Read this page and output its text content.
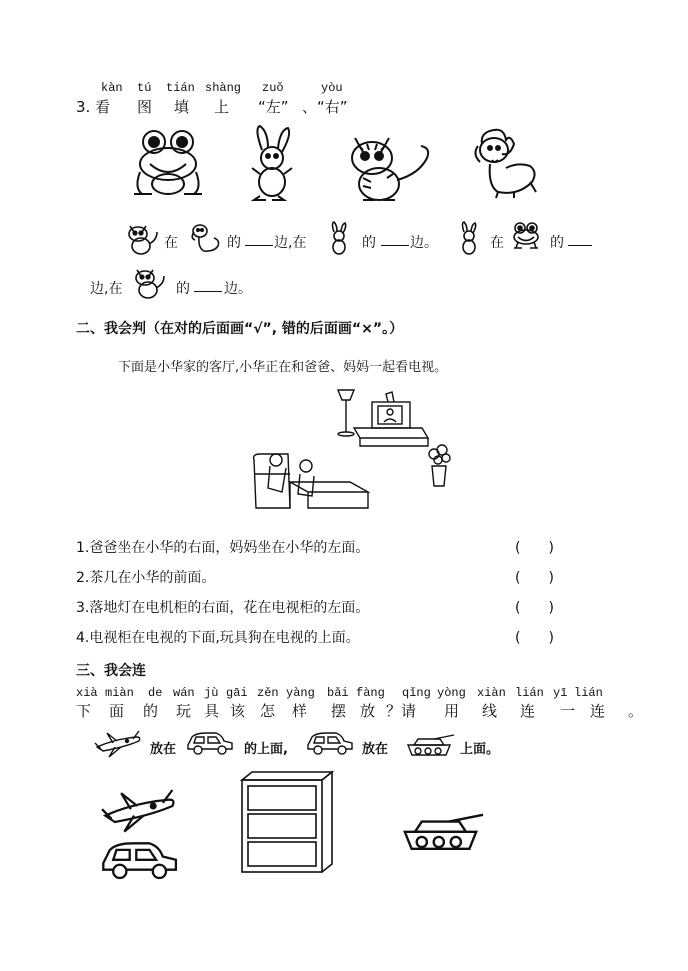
kàn tú tián shàng zuǒ	yòu
3. 看 图 填 上 “左” 、“右”
在	的 边,在	的 边。	在	的
边,在	的 边。
二、我会判（在对的后面画“√”, 错的后面画“×”。）
下面是小华家的客厅,小华正在和爸爸、妈妈一起看电视。
1.爸爸坐在小华的右面，妈妈坐在小华的左面。	(　　)
2.茶几在小华的前面。	(　　)
3.落地灯在电机柜的右面，花在电视柜的左面。	(　　)
4.电视柜在电视的下面,玩具狗在电视的上面。	(　　)
三、我会连
xià miàn de wán jù gāi zěn yàng bǎi fàng qǐng yòng xiàn lián yī lián
下 面 的 玩 具 该 怎 样 摆 放 ？请 用 线 连 一 连 。
放在	的上面,	放在	上面。
